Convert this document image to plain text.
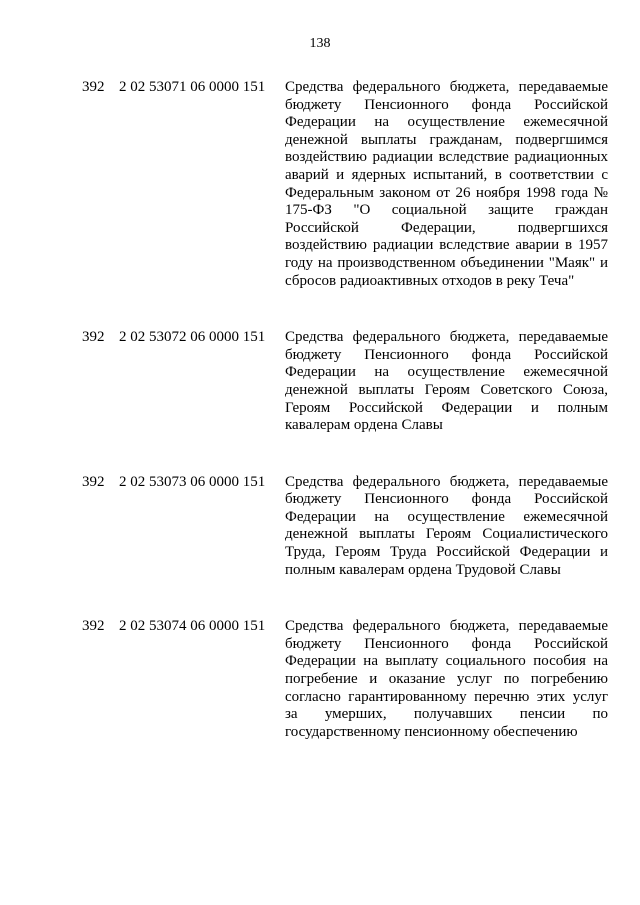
138
392 2 02 53071 06 0000 151 Средства федерального бюджета, передаваемые бюджету Пенсионного фонда Российской Федерации на осуществление ежемесячной денежной выплаты гражданам, подвергшимся воздействию радиации вследствие радиационных аварий и ядерных испытаний, в соответствии с Федеральным законом от 26 ноября 1998 года № 175-ФЗ "О социальной защите граждан Российской Федерации, подвергшихся воздействию радиации вследствие аварии в 1957 году на производственном объединении "Маяк" и сбросов радиоактивных отходов в реку Теча"
392 2 02 53072 06 0000 151 Средства федерального бюджета, передаваемые бюджету Пенсионного фонда Российской Федерации на осуществление ежемесячной денежной выплаты Героям Советского Союза, Героям Российской Федерации и полным кавалерам ордена Славы
392 2 02 53073 06 0000 151 Средства федерального бюджета, передаваемые бюджету Пенсионного фонда Российской Федерации на осуществление ежемесячной денежной выплаты Героям Социалистического Труда, Героям Труда Российской Федерации и полным кавалерам ордена Трудовой Славы
392 2 02 53074 06 0000 151 Средства федерального бюджета, передаваемые бюджету Пенсионного фонда Российской Федерации на выплату социального пособия на погребение и оказание услуг по погребению согласно гарантированному перечню этих услуг за умерших, получавших пенсии по государственному пенсионному обеспечению
